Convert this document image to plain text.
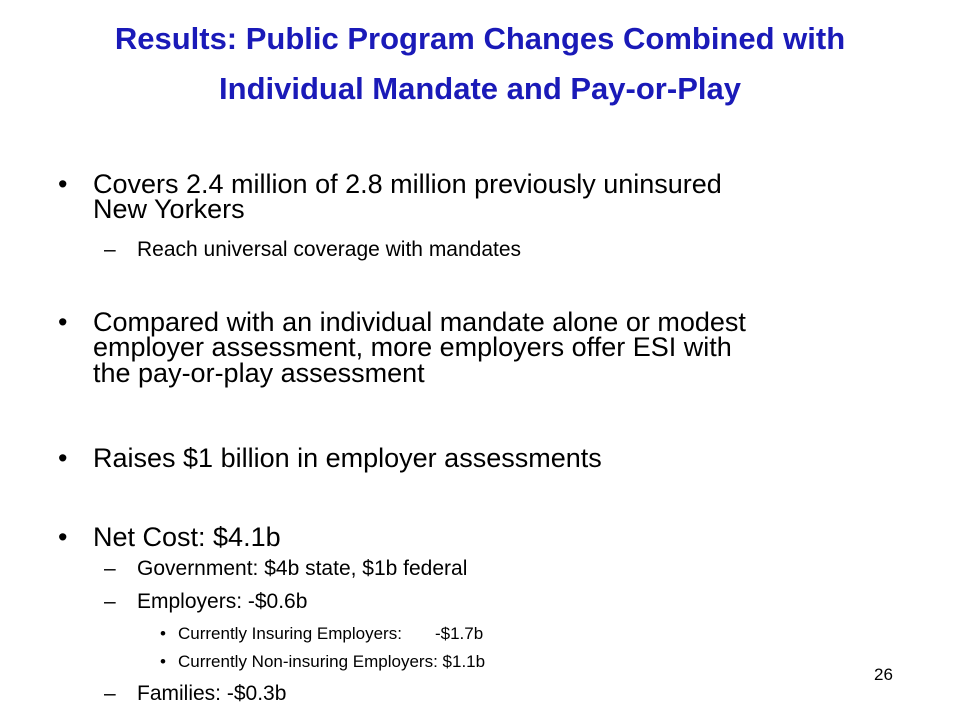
Results: Public Program Changes Combined with
Individual Mandate and Pay-or-Play
• Covers 2.4 million of 2.8 million previously uninsured
New Yorkers
– Reach universal coverage with mandates
• Compared with an individual mandate alone or modest
employer assessment, more employers offer ESI with
the pay-or-play assessment
• Raises $1 billion in employer assessments
• Net Cost: $4.1b
– Government: $4b state, $1b federal
– Employers: -$0.6b
• Currently Insuring Employers:       -$1.7b
• Currently Non-insuring Employers: $1.1b
– Families: -$0.3b
26
